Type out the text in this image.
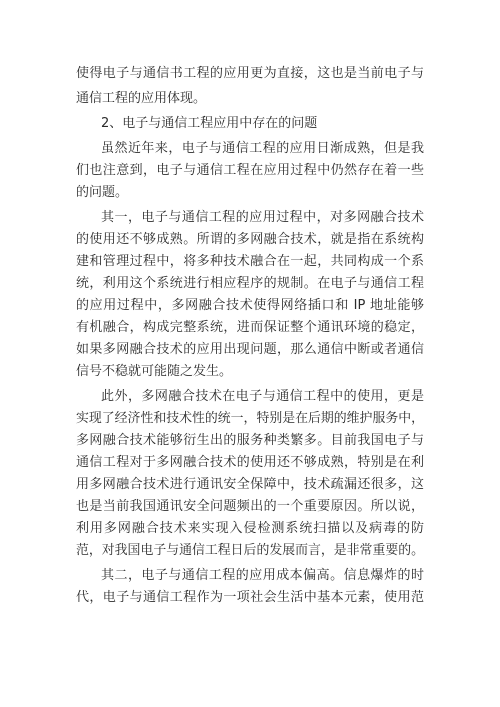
使得电子与通信书工程的应用更为直接，这也是当前电子与
通信工程的应用体现。
2、电子与通信工程应用中存在的问题
虽然近年来，电子与通信工程的应用日渐成熟，但是我
们也注意到，电子与通信工程在应用过程中仍然存在着一些
的问题。
其一，电子与通信工程的应用过程中，对多网融合技术
的使用还不够成熟。所谓的多网融合技术，就是指在系统构
建和管理过程中，将多种技术融合在一起，共同构成一个系
统，利用这个系统进行相应程序的规制。在电子与通信工程
的应用过程中，多网融合技术使得网络插口和 IP 地址能够
有机融合，构成完整系统，进而保证整个通讯环境的稳定，
如果多网融合技术的应用出现问题，那么通信中断或者通信
信号不稳就可能随之发生。
此外，多网融合技术在电子与通信工程中的使用，更是
实现了经济性和技术性的统一，特别是在后期的维护服务中，
多网融合技术能够衍生出的服务种类繁多。目前我国电子与
通信工程对于多网融合技术的使用还不够成熟，特别是在利
用多网融合技术进行通讯安全保障中，技术疏漏还很多，这
也是当前我国通讯安全问题频出的一个重要原因。所以说，
利用多网融合技术来实现入侵检测系统扫描以及病毒的防
范，对我国电子与通信工程日后的发展而言，是非常重要的。
其二，电子与通信工程的应用成本偏高。信息爆炸的时
代，电子与通信工程作为一项社会生活中基本元素，使用范
